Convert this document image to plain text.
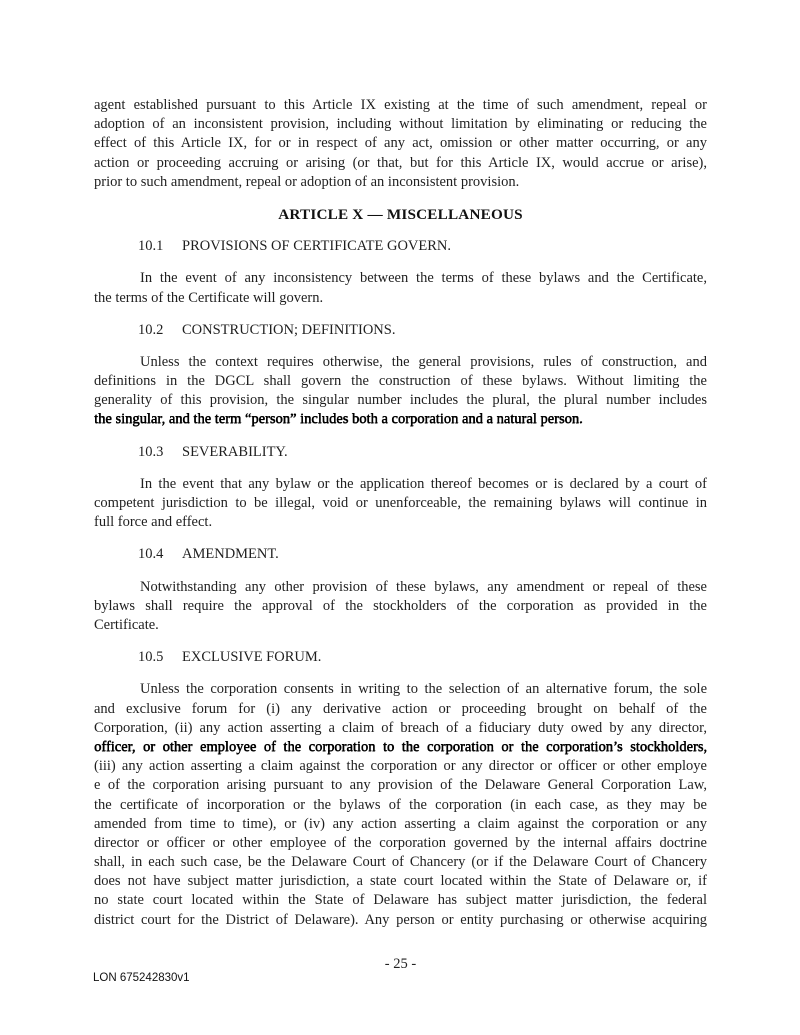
agent established pursuant to this Article IX existing at the time of such amendment, repeal or
adoption of an inconsistent provision, including without limitation by eliminating or reducing the
effect of this Article IX, for or in respect of any act, omission or other matter occurring, or any
action or proceeding accruing or arising (or that, but for this Article IX, would accrue or arise),
prior to such amendment, repeal or adoption of an inconsistent provision.
ARTICLE X — MISCELLANEOUS
10.1 PROVISIONS OF CERTIFICATE GOVERN.
In the event of any inconsistency between the terms of these bylaws and the Certificate,
the terms of the Certificate will govern.
10.2 CONSTRUCTION; DEFINITIONS.
Unless the context requires otherwise, the general provisions, rules of construction, and
definitions in the DGCL shall govern the construction of these bylaws. Without limiting the
generality of this provision, the singular number includes the plural, the plural number includes
the singular, and the term “person” includes both a corporation and a natural person.
10.3 SEVERABILITY.
In the event that any bylaw or the application thereof becomes or is declared by a court of
competent jurisdiction to be illegal, void or unenforceable, the remaining bylaws will continue in
full force and effect.
10.4 AMENDMENT.
Notwithstanding any other provision of these bylaws, any amendment or repeal of these
bylaws shall require the approval of the stockholders of the corporation as provided in the
Certificate.
10.5 EXCLUSIVE FORUM.
Unless the corporation consents in writing to the selection of an alternative forum, the sole
and exclusive forum for (i) any derivative action or proceeding brought on behalf of the
Corporation, (ii) any action asserting a claim of breach of a fiduciary duty owed by any director,
officer, or other employee of the corporation to the corporation or the corporation’s stockholders,
(iii) any action asserting a claim against the corporation or any director or officer or other employe
e of the corporation arising pursuant to any provision of the Delaware General Corporation Law,
the certificate of incorporation or the bylaws of the corporation (in each case, as they may be
amended from time to time), or (iv) any action asserting a claim against the corporation or any
director or officer or other employee of the corporation governed by the internal affairs doctrine
shall, in each such case, be the Delaware Court of Chancery (or if the Delaware Court of Chancery
does not have subject matter jurisdiction, a state court located within the State of Delaware or, if
no state court located within the State of Delaware has subject matter jurisdiction, the federal
district court for the District of Delaware). Any person or entity purchasing or otherwise acquiring
- 25 -
LON 675242830v1
